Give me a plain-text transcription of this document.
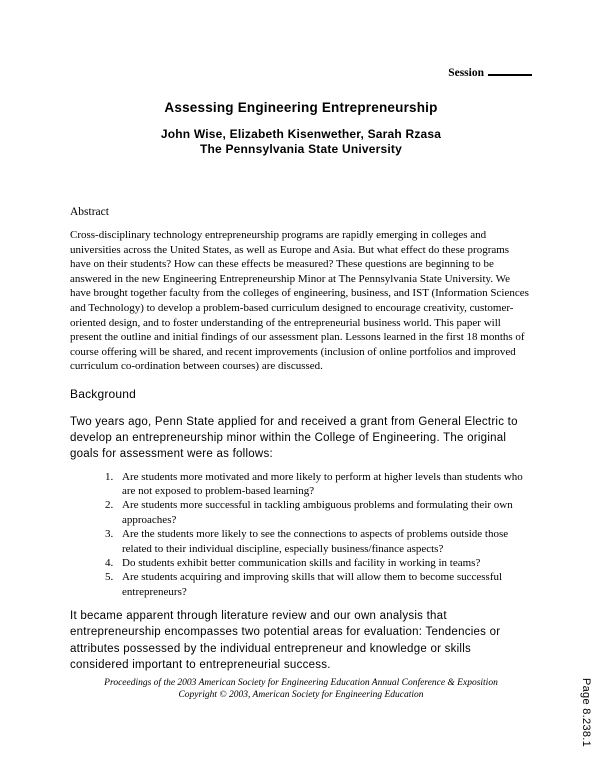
Session
Assessing Engineering Entrepreneurship
John Wise, Elizabeth Kisenwether, Sarah Rzasa
The Pennsylvania State University
Abstract
Cross-disciplinary technology entrepreneurship programs are rapidly emerging in colleges and universities across the United States, as well as Europe and Asia. But what effect do these programs have on their students? How can these effects be measured? These questions are beginning to be answered in the new Engineering Entrepreneurship Minor at The Pennsylvania State University. We have brought together faculty from the colleges of engineering, business, and IST (Information Sciences and Technology) to develop a problem-based curriculum designed to encourage creativity, customer-oriented design, and to foster understanding of the entrepreneurial business world. This paper will present the outline and initial findings of our assessment plan. Lessons learned in the first 18 months of course offering will be shared, and recent improvements (inclusion of online portfolios and improved curriculum co-ordination between courses) are discussed.
Background
Two years ago, Penn State applied for and received a grant from General Electric to develop an entrepreneurship minor within the College of Engineering. The original goals for assessment were as follows:
1. Are students more motivated and more likely to perform at higher levels than students who are not exposed to problem-based learning?
2. Are students more successful in tackling ambiguous problems and formulating their own approaches?
3. Are the students more likely to see the connections to aspects of problems outside those related to their individual discipline, especially business/finance aspects?
4. Do students exhibit better communication skills and facility in working in teams?
5. Are students acquiring and improving skills that will allow them to become successful entrepreneurs?
It became apparent through literature review and our own analysis that entrepreneurship encompasses two potential areas for evaluation: Tendencies or attributes possessed by the individual entrepreneur and knowledge or skills considered important to entrepreneurial success.
Proceedings of the 2003 American Society for Engineering Education Annual Conference & Exposition
Copyright © 2003, American Society for Engineering Education	Page 8.238.1
